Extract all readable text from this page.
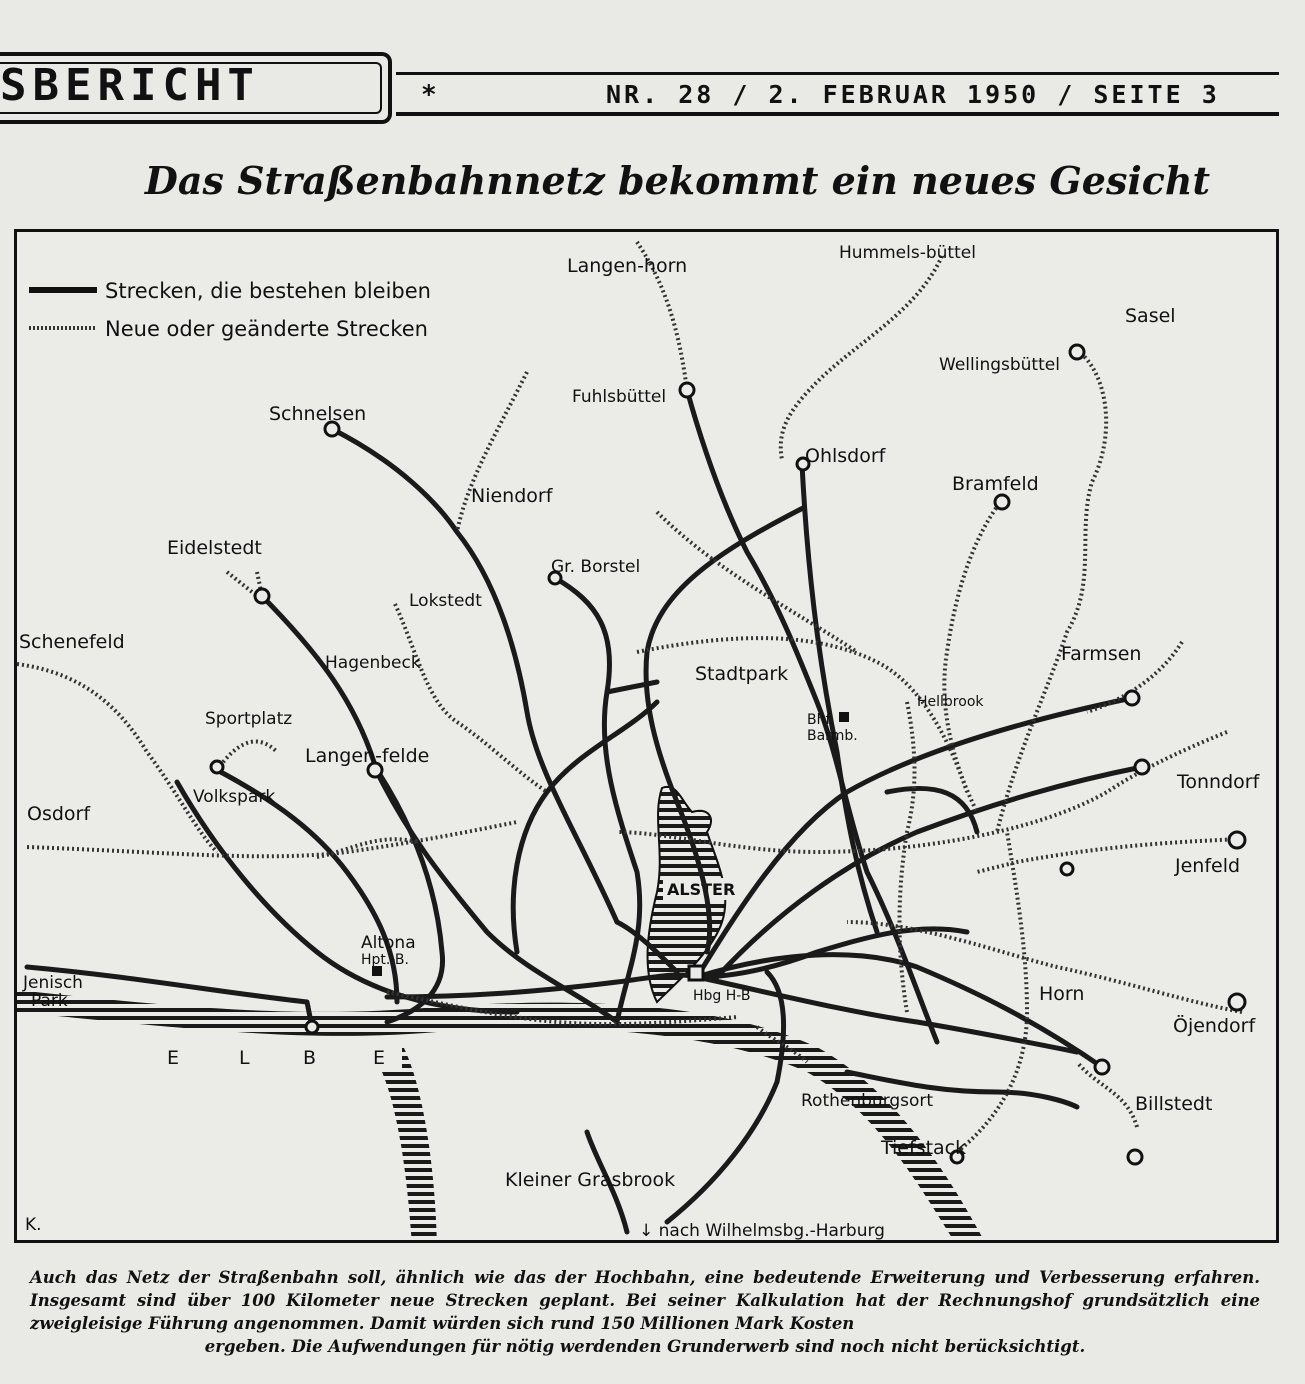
SBERICHT	*	NR. 28 / 2. FEBRUAR 1950 / SEITE 3
Das Straßenbahnnetz bekommt ein neues Gesicht
E	L	B	E
ALSTER
Strecken, die bestehen bleiben
Neue oder geänderte Strecken
Langen-horn
Hummels-büttel
Sasel
Wellingsbüttel
Fuhlsbüttel
Ohlsdorf
Bramfeld
Schnelsen
Niendorf
Eidelstedt
Gr. Borstel
Lokstedt
Schenefeld
Hagenbeck	Stadtpark
Farmsen
Hellbrook
Sportplatz	Bhf.
Barmb.
Langen-felde
Volkspark
Tonndorf
Osdorf
Jenfeld
Altona
Hpt.-B.
Hbg H-B	Horn
Jenisch
Park
Öjendorf
Rothenburgsort	Billstedt
Tiefstack
Kleiner Grasbrook
↓ nach Wilhelmsbg.-Harburg
K.
Auch das Netz der Straßenbahn soll, ähnlich wie das der Hochbahn, eine bedeutende Erweiterung und Verbesserung erfahren. Insgesamt sind über 100 Kilometer neue Strecken geplant. Bei seiner Kalkulation hat der Rechnungshof grundsätzlich eine zweigleisige Führung angenommen. Damit würden sich rund 150 Millionen Mark Kosten
ergeben. Die Aufwendungen für nötig werdenden Grunderwerb sind noch nicht berücksichtigt.
